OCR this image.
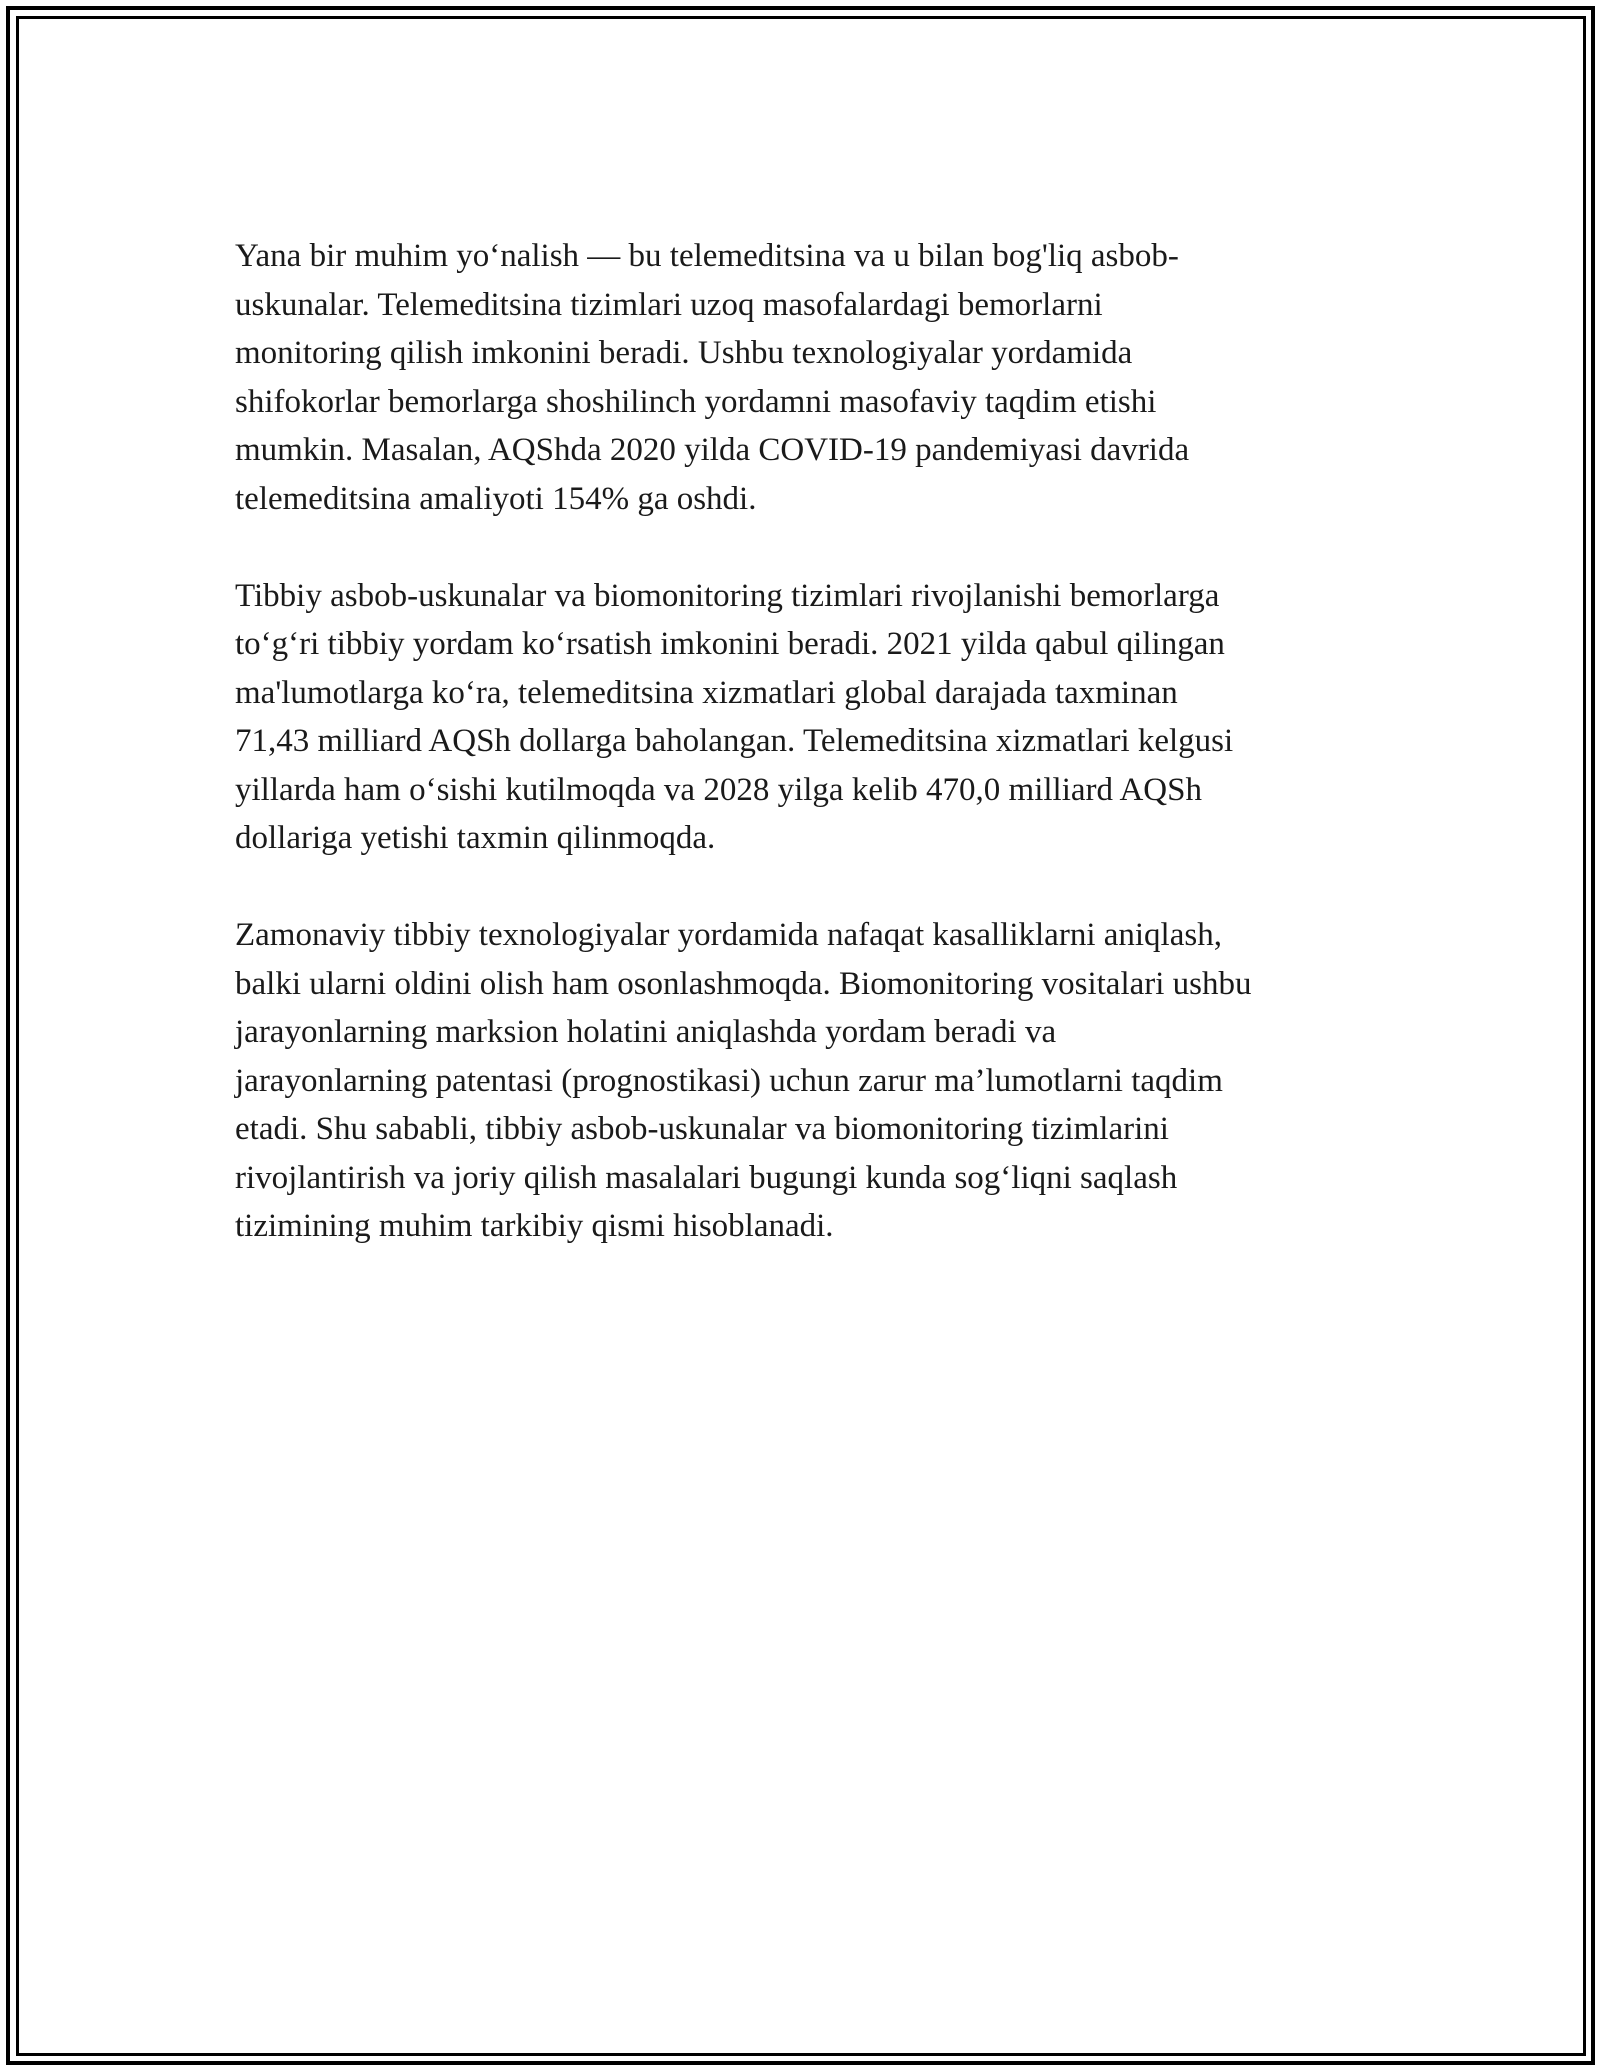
Yana bir muhim yo‘nalish — bu telemeditsina va u bilan bog'liq asbob-
uskunalar. Telemeditsina tizimlari uzoq masofalardagi bemorlarni
monitoring qilish imkonini beradi. Ushbu texnologiyalar yordamida
shifokorlar bemorlarga shoshilinch yordamni masofaviy taqdim etishi
mumkin. Masalan, AQShda 2020 yilda COVID-19 pandemiyasi davrida
telemeditsina amaliyoti 154% ga oshdi.

Tibbiy asbob-uskunalar va biomonitoring tizimlari rivojlanishi bemorlarga
to‘g‘ri tibbiy yordam ko‘rsatish imkonini beradi. 2021 yilda qabul qilingan
ma'lumotlarga ko‘ra, telemeditsina xizmatlari global darajada taxminan
71,43 milliard AQSh dollarga baholangan. Telemeditsina xizmatlari kelgusi
yillarda ham o‘sishi kutilmoqda va 2028 yilga kelib 470,0 milliard AQSh
dollariga yetishi taxmin qilinmoqda.

Zamonaviy tibbiy texnologiyalar yordamida nafaqat kasalliklarni aniqlash,
balki ularni oldini olish ham osonlashmoqda. Biomonitoring vositalari ushbu
jarayonlarning marksion holatini aniqlashda yordam beradi va
jarayonlarning patentasi (prognostikasi) uchun zarur ma’lumotlarni taqdim
etadi. Shu sababli, tibbiy asbob-uskunalar va biomonitoring tizimlarini
rivojlantirish va joriy qilish masalalari bugungi kunda sog‘liqni saqlash
tizimining muhim tarkibiy qismi hisoblanadi.
